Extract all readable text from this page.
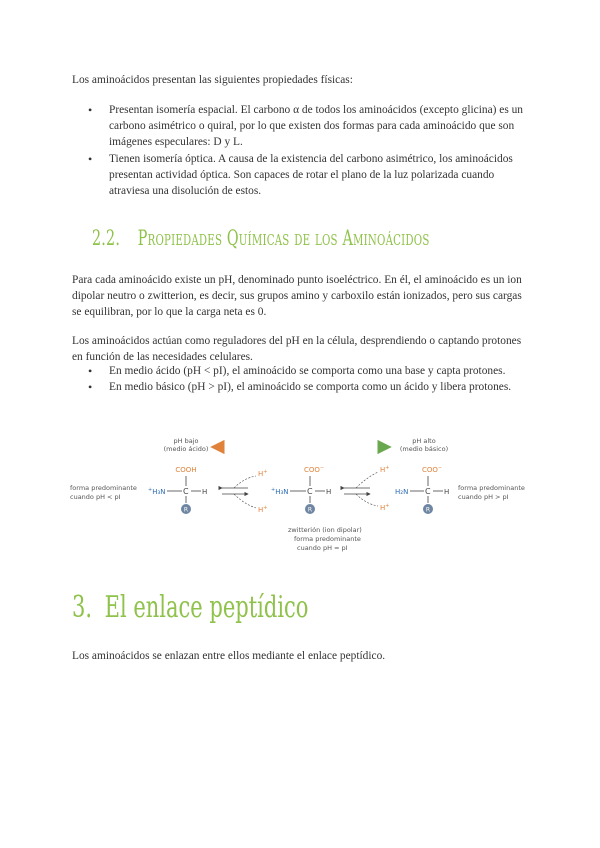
Los aminoácidos presentan las siguientes propiedades físicas:

• Presentan isomería espacial. El carbono α de todos los aminoácidos (excepto glicina) es un carbono asimétrico o quiral, por lo que existen dos formas para cada aminoácido que son imágenes especulares: D y L.
• Tienen isomería óptica. A causa de la existencia del carbono asimétrico, los aminoácidos presentan actividad óptica. Son capaces de rotar el plano de la luz polarizada cuando atraviesa una disolución de estos.
2.2. Propiedades Químicas de los Aminoácidos

Para cada aminoácido existe un pH, denominado punto isoeléctrico. En él, el aminoácido es un ion dipolar neutro o zwitterion, es decir, sus grupos amino y carboxilo están ionizados, pero sus cargas se equilibran, por lo que la carga neta es 0.

Los aminoácidos actúan como reguladores del pH en la célula, desprendiendo o captando protones en función de las necesidades celulares.

• En medio ácido (pH < pI), el aminoácido se comporta como una base y capta protones.
• En medio básico (pH > pI), el aminoácido se comporta como un ácido y libera protones.
pH bajo
(medio ácido)
pH alto
(medio básico)
forma predominante
cuando pH < pI
forma predominante
cuando pH > pI
COOH
+H₃N C H
R
H+
H+
COO−
+H₃N C H
R
H+
H+
COO−
H₂N C H
R
zwitterión (ion dipolar)
forma predominante
cuando pH = pI
3. El enlace peptídico

Los aminoácidos se enlazan entre ellos mediante el enlace peptídico.
